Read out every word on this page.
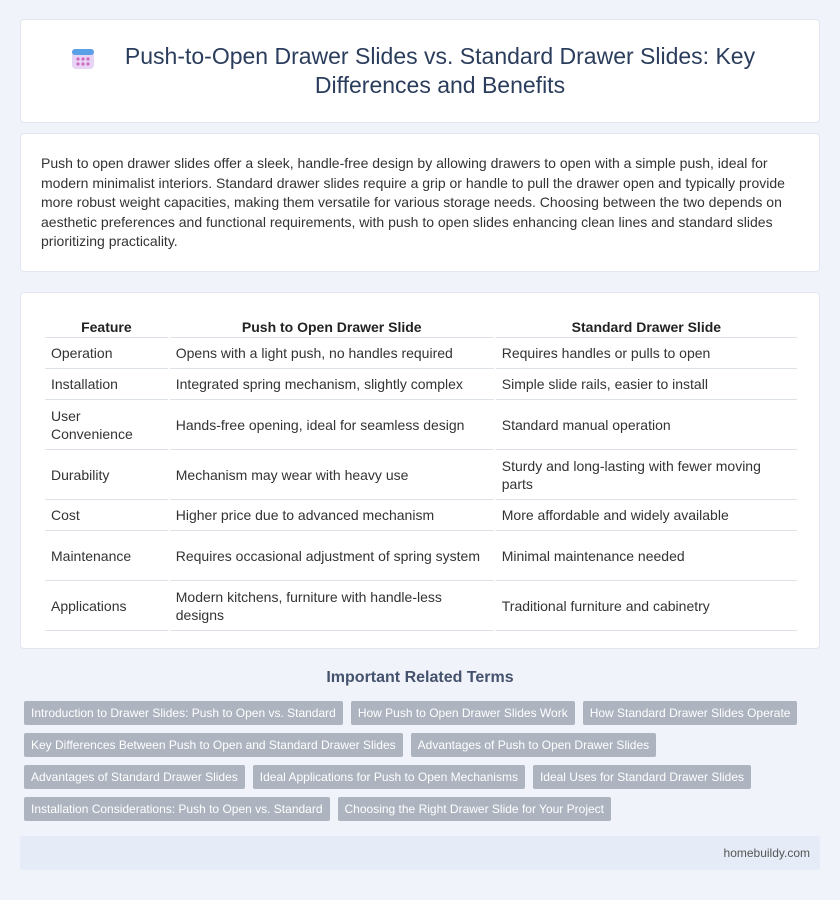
Push-to-Open Drawer Slides vs. Standard Drawer Slides: Key Differences and Benefits

Push to open drawer slides offer a sleek, handle-free design by allowing drawers to open with a simple push, ideal for modern minimalist interiors. Standard drawer slides require a grip or handle to pull the drawer open and typically provide more robust weight capacities, making them versatile for various storage needs. Choosing between the two depends on aesthetic preferences and functional requirements, with push to open slides enhancing clean lines and standard slides prioritizing practicality.

Feature	Push to Open Drawer Slide	Standard Drawer Slide
Operation	Opens with a light push, no handles required	Requires handles or pulls to open
Installation	Integrated spring mechanism, slightly complex	Simple slide rails, easier to install
User Convenience	Hands-free opening, ideal for seamless design	Standard manual operation
Durability	Mechanism may wear with heavy use	Sturdy and long-lasting with fewer moving parts
Cost	Higher price due to advanced mechanism	More affordable and widely available
Maintenance	Requires occasional adjustment of spring system	Minimal maintenance needed
Applications	Modern kitchens, furniture with handle-less designs	Traditional furniture and cabinetry
Important Related Terms
Introduction to Drawer Slides: Push to Open vs. Standard	How Push to Open Drawer Slides Work	How Standard Drawer Slides Operate
Key Differences Between Push to Open and Standard Drawer Slides	Advantages of Push to Open Drawer Slides
Advantages of Standard Drawer Slides	Ideal Applications for Push to Open Mechanisms	Ideal Uses for Standard Drawer Slides
Installation Considerations: Push to Open vs. Standard	Choosing the Right Drawer Slide for Your Project
homebuildy.com
